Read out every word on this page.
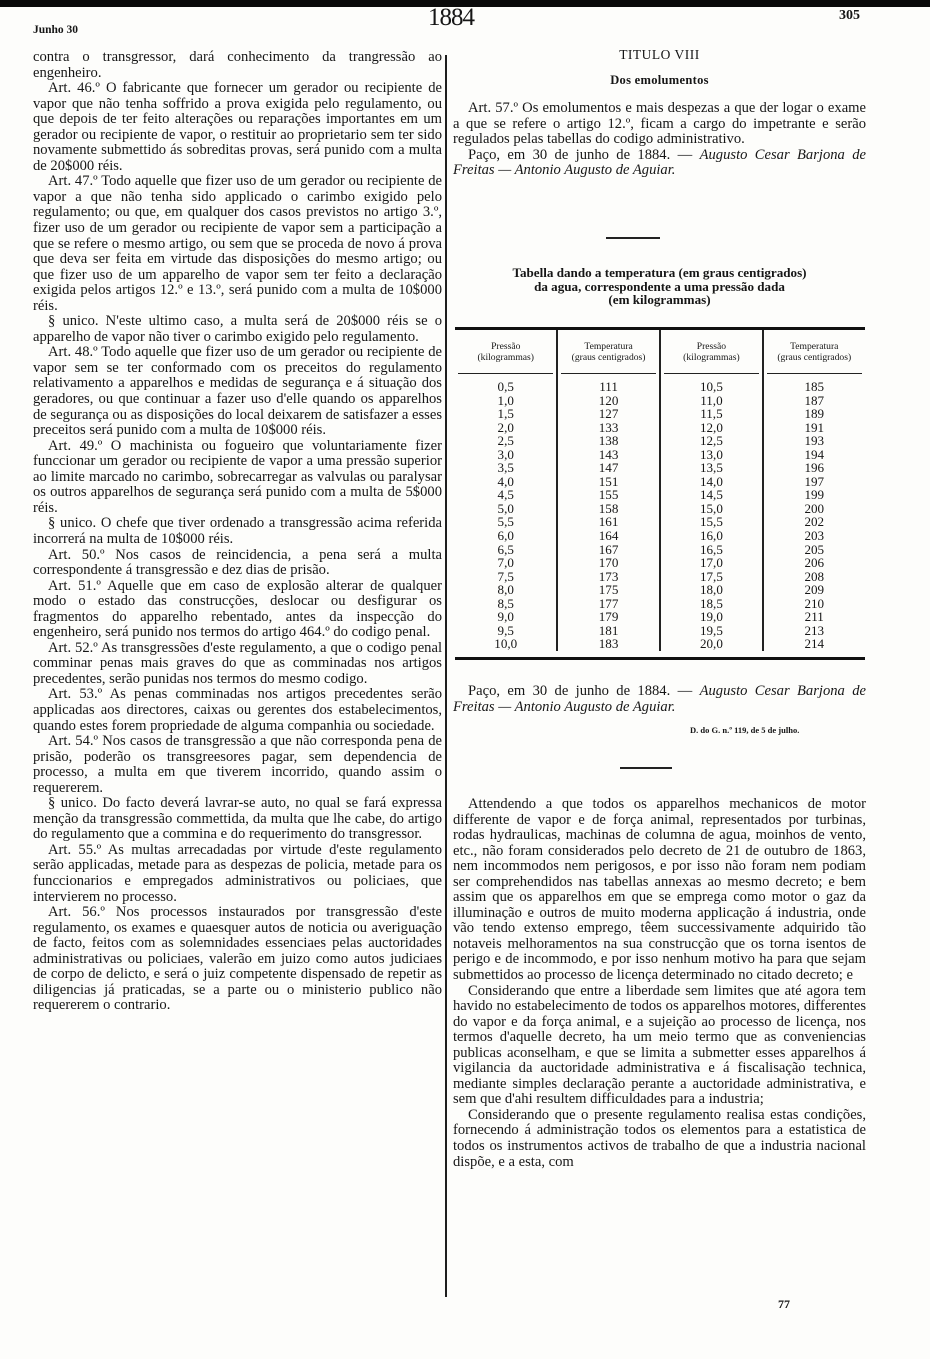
Junho 30	1884	305

contra o transgressor, dará conhecimento da trangressão ao engenheiro.

Art. 46.º O fabricante que fornecer um gerador ou recipiente de vapor que não tenha soffrido a prova exigida pelo regulamento, ou que depois de ter feito alterações ou reparações importantes em um gerador ou recipiente de vapor, o restituir ao proprietario sem ter sido novamente submettido ás sobreditas provas, será punido com a multa de 20$000 réis.

Art. 47.º Todo aquelle que fizer uso de um gerador ou recipiente de vapor a que não tenha sido applicado o carimbo exigido pelo regulamento; ou que, em qualquer dos casos previstos no artigo 3.º, fizer uso de um gerador ou recipiente de vapor sem a participação a que se refere o mesmo artigo, ou sem que se proceda de novo á prova que deva ser feita em virtude das disposições do mesmo artigo; ou que fizer uso de um apparelho de vapor sem ter feito a declaração exigida pelos artigos 12.º e 13.º, será punido com a multa de 10$000 réis.

§ unico. N'este ultimo caso, a multa será de 20$000 réis se o apparelho de vapor não tiver o carimbo exigido pelo regulamento.

Art. 48.º Todo aquelle que fizer uso de um gerador ou recipiente de vapor sem se ter conformado com os preceitos do regulamento relativamento a apparelhos e medidas de segurança e á situação dos geradores, ou que continuar a fazer uso d'elle quando os apparelhos de segurança ou as disposições do local deixarem de satisfazer a esses preceitos será punido com a multa de 10$000 réis.

Art. 49.º O machinista ou fogueiro que voluntariamente fizer funccionar um gerador ou recipiente de vapor a uma pressão superior ao limite marcado no carimbo, sobrecarregar as valvulas ou paralysar os outros apparelhos de segurança será punido com a multa de 5$000 réis.

§ unico. O chefe que tiver ordenado a transgressão acima referida incorrerá na multa de 10$000 réis.

Art. 50.º Nos casos de reincidencia, a pena será a multa correspondente á transgressão e dez dias de prisão.

Art. 51.º Aquelle que em caso de explosão alterar de qualquer modo o estado das construcções, deslocar ou desfigurar os fragmentos do apparelho rebentado, antes da inspecção do engenheiro, será punido nos termos do artigo 464.º do codigo penal.

Art. 52.º As transgressões d'este regulamento, a que o codigo penal comminar penas mais graves do que as comminadas nos artigos precedentes, serão punidas nos termos do mesmo codigo.

Art. 53.º As penas comminadas nos artigos precedentes serão applicadas aos directores, caixas ou gerentes dos estabelecimentos, quando estes forem propriedade de alguma companhia ou sociedade.

Art. 54.º Nos casos de transgressão a que não corresponda pena de prisão, poderão os transgreesores pagar, sem dependencia de processo, a multa em que tiverem incorrido, quando assim o requererem.

§ unico. Do facto deverá lavrar-se auto, no qual se fará expressa menção da transgressão commettida, da multa que lhe cabe, do artigo do regulamento que a commina e do requerimento do transgressor.

Art. 55.º As multas arrecadadas por virtude d'este regulamento serão applicadas, metade para as despezas de policia, metade para os funccionarios e empregados administrativos ou policiaes, que intervierem no processo.

Art. 56.º Nos processos instaurados por transgressão d'este regulamento, os exames e quaesquer autos de noticia ou averiguação de facto, feitos com as solemnidades essenciaes pelas auctoridades administrativas ou policiaes, valerão em juizo como autos judiciaes de corpo de delicto, e será o juiz competente dispensado de repetir as diligencias já praticadas, se a parte ou o ministerio publico não requererem o contrario.

TITULO VIII
Dos emolumentos

Art. 57.º Os emolumentos e mais despezas a que der logar o exame a que se refere o artigo 12.º, ficam a cargo do impetrante e serão regulados pelas tabellas do codigo administrativo.

Paço, em 30 de junho de 1884. — Augusto Cesar Barjona de Freitas — Antonio Augusto de Aguiar.

Tabella dando a temperatura (em graus centigrados)
da agua, correspondente a uma pressão dada
(em kilogrammas)
Pressão
(kilogrammas)
Temperatura
(graus centigrados)
Pressão
(kilogrammas)
Temperatura
(graus centigrados)
0,5
1,0
1,5
2,0
2,5
3,0
3,5
4,0
4,5
5,0
5,5
6,0
6,5
7,0
7,5
8,0
8,5
9,0
9,5
10,0
111
120
127
133
138
143
147
151
155
158
161
164
167
170
173
175
177
179
181
183
10,5
11,0
11,5
12,0
12,5
13,0
13,5
14,0
14,5
15,0
15,5
16,0
16,5
17,0
17,5
18,0
18,5
19,0
19,5
20,0
185
187
189
191
193
194
196
197
199
200
202
203
205
206
208
209
210
211
213
214

Paço, em 30 de junho de 1884. — Augusto Cesar Barjona de Freitas — Antonio Augusto de Aguiar.

D. do G. n.º 119, de 5 de julho.

Attendendo a que todos os apparelhos mechanicos de motor differente de vapor e de força animal, representados por turbinas, rodas hydraulicas, machinas de columna de agua, moinhos de vento, etc., não foram considerados pelo decreto de 21 de outubro de 1863, nem incommodos nem perigosos, e por isso não foram nem podiam ser comprehendidos nas tabellas annexas ao mesmo decreto; e bem assim que os apparelhos em que se emprega como motor o gaz da illuminação e outros de muito moderna applicação á industria, onde vão tendo extenso emprego, têem successivamente adquirido tão notaveis melhoramentos na sua construcção que os torna isentos de perigo e de incommodo, e por isso nenhum motivo ha para que sejam submettidos ao processo de licença determinado no citado decreto; e

Considerando que entre a liberdade sem limites que até agora tem havido no estabelecimento de todos os apparelhos motores, differentes do vapor e da força animal, e a sujeição ao processo de licença, nos termos d'aquelle decreto, ha um meio termo que as conveniencias publicas aconselham, e que se limita a submetter esses apparelhos á vigilancia da auctoridade administrativa e á fiscalisação technica, mediante simples declaração perante a auctoridade administrativa, e sem que d'ahi resultem difficuldades para a industria;

Considerando que o presente regulamento realisa estas condições, fornecendo á administração todos os elementos para a estatistica de todos os instrumentos activos de trabalho de que a industria nacional dispõe, e a esta, com

77
